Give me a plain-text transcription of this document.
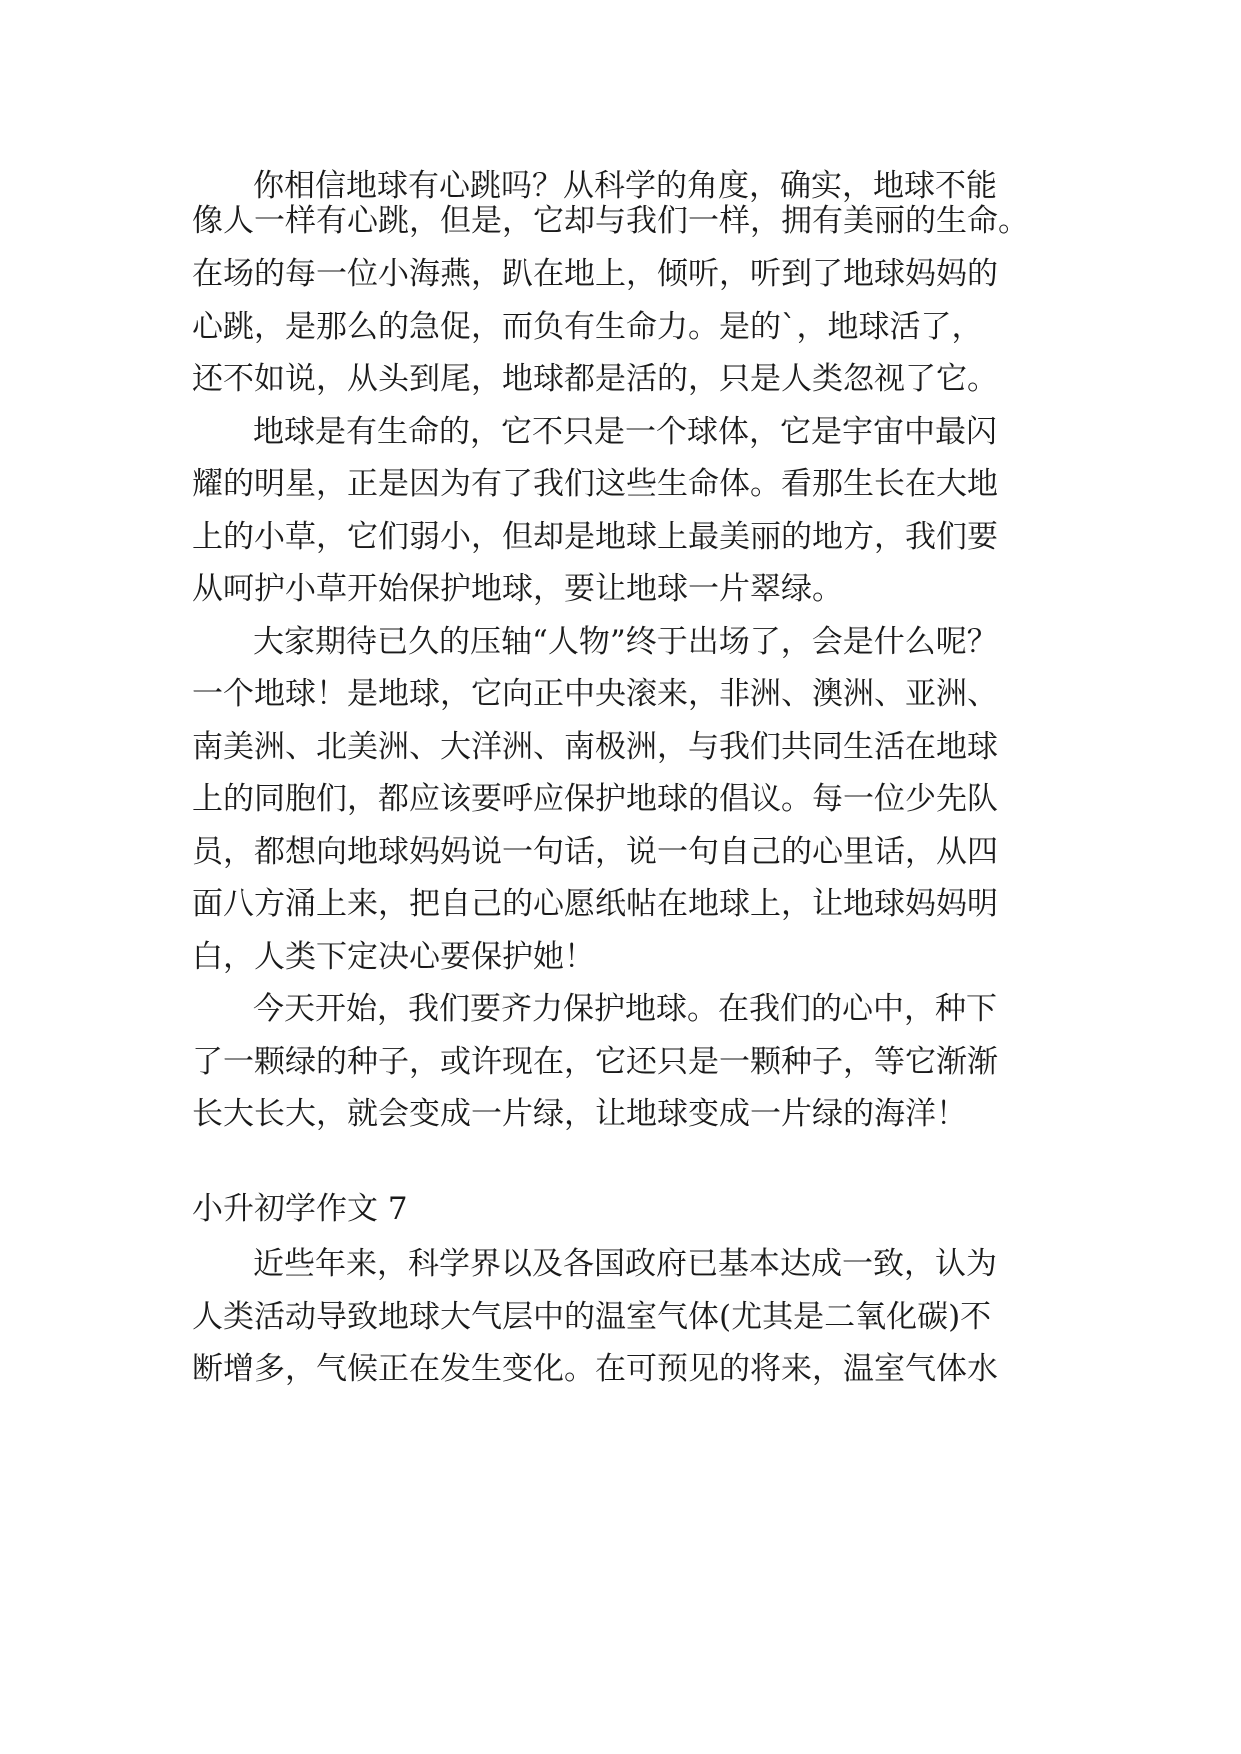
你相信地球有心跳吗？从科学的角度，确实，地球不能
像人一样有心跳，但是，它却与我们一样，拥有美丽的生命。
在场的每一位小海燕，趴在地上，倾听，听到了地球妈妈的
心跳，是那么的急促，而负有生命力。是的`，地球活了，
还不如说，从头到尾，地球都是活的，只是人类忽视了它。
地球是有生命的，它不只是一个球体，它是宇宙中最闪
耀的明星，正是因为有了我们这些生命体。看那生长在大地
上的小草，它们弱小，但却是地球上最美丽的地方，我们要
从呵护小草开始保护地球，要让地球一片翠绿。
大家期待已久的压轴“人物”终于出场了，会是什么呢？
一个地球！是地球，它向正中央滚来，非洲、澳洲、亚洲、
南美洲、北美洲、大洋洲、南极洲，与我们共同生活在地球
上的同胞们，都应该要呼应保护地球的倡议。每一位少先队
员，都想向地球妈妈说一句话，说一句自己的心里话，从四
面八方涌上来，把自己的心愿纸帖在地球上，让地球妈妈明
白，人类下定决心要保护她！
今天开始，我们要齐力保护地球。在我们的心中，种下
了一颗绿的种子，或许现在，它还只是一颗种子，等它渐渐
长大长大，就会变成一片绿，让地球变成一片绿的海洋！
小升初学作文 7
近些年来，科学界以及各国政府已基本达成一致，认为
人类活动导致地球大气层中的温室气体(尤其是二氧化碳)不
断增多，气候正在发生变化。在可预见的将来，温室气体水
